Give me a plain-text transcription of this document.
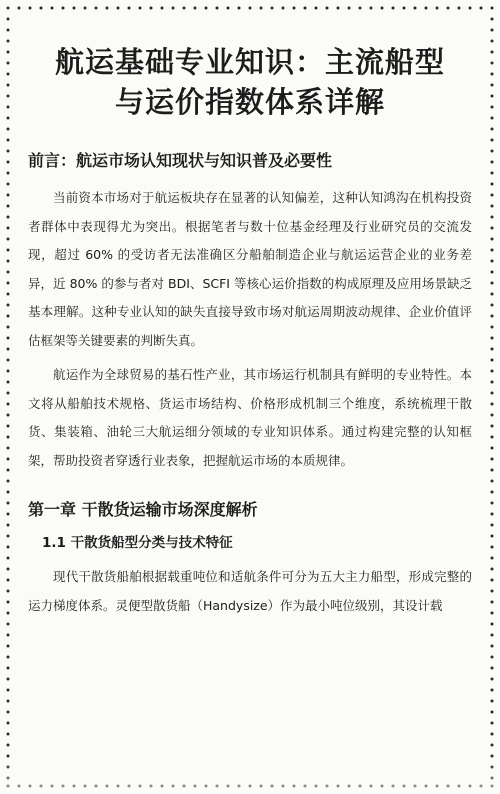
航运基础专业知识：主流船型
与运价指数体系详解
前言：航运市场认知现状与知识普及必要性

当前资本市场对于航运板块存在显著的认知偏差，这种认知鸿沟在机构投资者群体中表现得尤为突出。根据笔者与数十位基金经理及行业研究员的交流发现，超过 60% 的受访者无法准确区分船舶制造企业与航运运营企业的业务差异，近 80% 的参与者对 BDI、SCFI 等核心运价指数的构成原理及应用场景缺乏基本理解。这种专业认知的缺失直接导致市场对航运周期波动规律、企业价值评估框架等关键要素的判断失真。

航运作为全球贸易的基石性产业，其市场运行机制具有鲜明的专业特性。本文将从船舶技术规格、货运市场结构、价格形成机制三个维度，系统梳理干散货、集装箱、油轮三大航运细分领域的专业知识体系。通过构建完整的认知框架，帮助投资者穿透行业表象，把握航运市场的本质规律。

第一章 干散货运输市场深度解析
1.1 干散货船型分类与技术特征

现代干散货船舶根据载重吨位和适航条件可分为五大主力船型，形成完整的运力梯度体系。灵便型散货船（Handysize）作为最小吨位级别，其设计载
